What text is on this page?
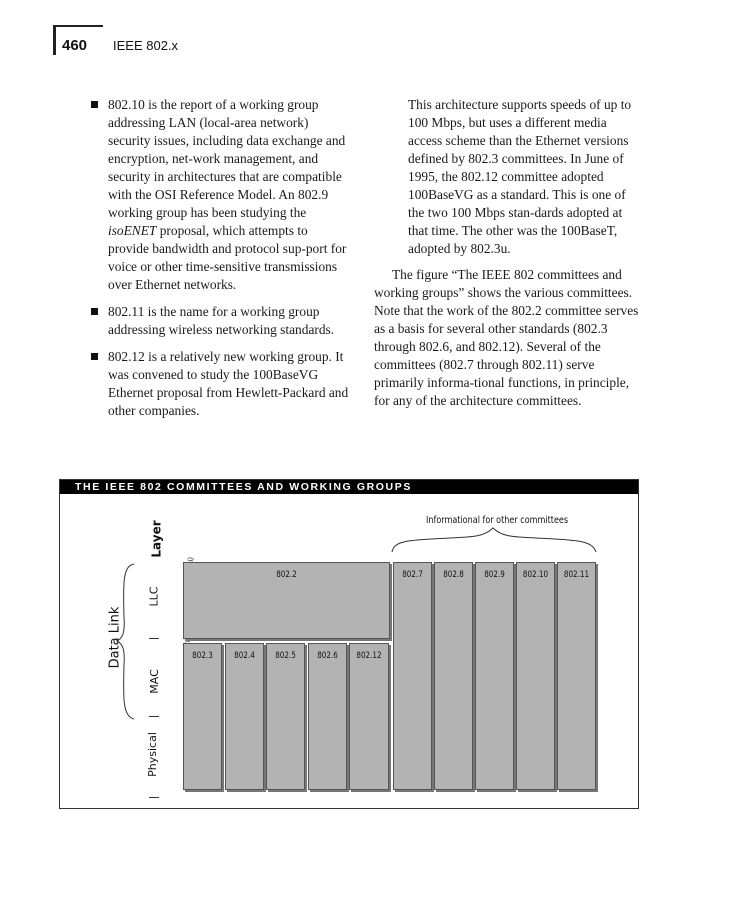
460 IEEE 802.x
802.10 is the report of a working group addressing LAN (local-area network) security issues, including data exchange and encryption, net-work management, and security in architectures that are compatible with the OSI Reference Model. An 802.9 working group has been studying the isoENET proposal, which attempts to provide bandwidth and protocol sup-port for voice or other time-sensitive transmissions over Ethernet networks.
802.11 is the name for a working group addressing wireless networking standards.
802.12 is a relatively new working group. It was convened to study the 100BaseVG Ethernet proposal from Hewlett-Packard and other companies.

This architecture supports speeds of up to 100 Mbps, but uses a different media access scheme than the Ethernet versions defined by 802.3 committees. In June of 1995, the 802.12 committee adopted 100BaseVG as a standard. This is one of the two 100 Mbps stan-dards adopted at that time. The other was the 100BaseT, adopted by 802.3u.

The figure “The IEEE 802 committees and working groups” shows the various committees. Note that the work of the 802.2 committee serves as a basis for several other standards (802.3 through 802.6, and 802.12). Several of the committees (802.7 through 802.11) serve primarily informa-tional functions, in principle, for any of the architecture committees.

THE IEEE 802 COMMITTEES AND WORKING GROUPS
Informational for other committees
Layer
Data Link
LLC
MAC
Physical
802.2
802.3	802.4	802.5	802.6	802.12
802.7	802.8	802.9	802.10 802.11
